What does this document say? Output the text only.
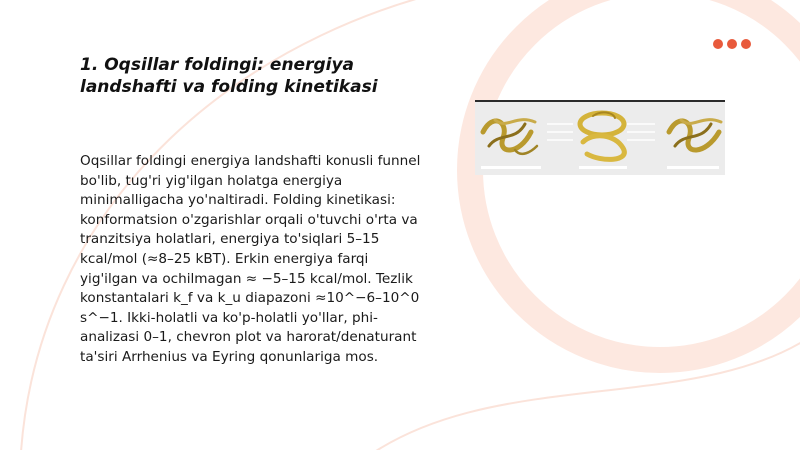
1. Oqsillar foldingi: energiya landshafti va folding kinetikasi

Oqsillar foldingi energiya landshafti konusli funnel bo'lib, tug'ri yig'ilgan holatga energiya minimalligacha yo'naltiradi. Folding kinetikasi: konformatsion o'zgarishlar orqali o'tuvchi o'rta va tranzitsiya holatlari, energiya to'siqlari 5–15 kcal/mol (≈8–25 kBT). Erkin energiya farqi yig'ilgan va ochilmagan ≈ −5–15 kcal/mol. Tezlik konstantalari k_f va k_u diapazoni ≈10^−6–10^0 s^−1. Ikki-holatli va ko'p-holatli yo'llar, phi-analizasi 0–1, chevron plot va harorat/denaturant ta'siri Arrhenius va Eyring qonunlariga mos.
